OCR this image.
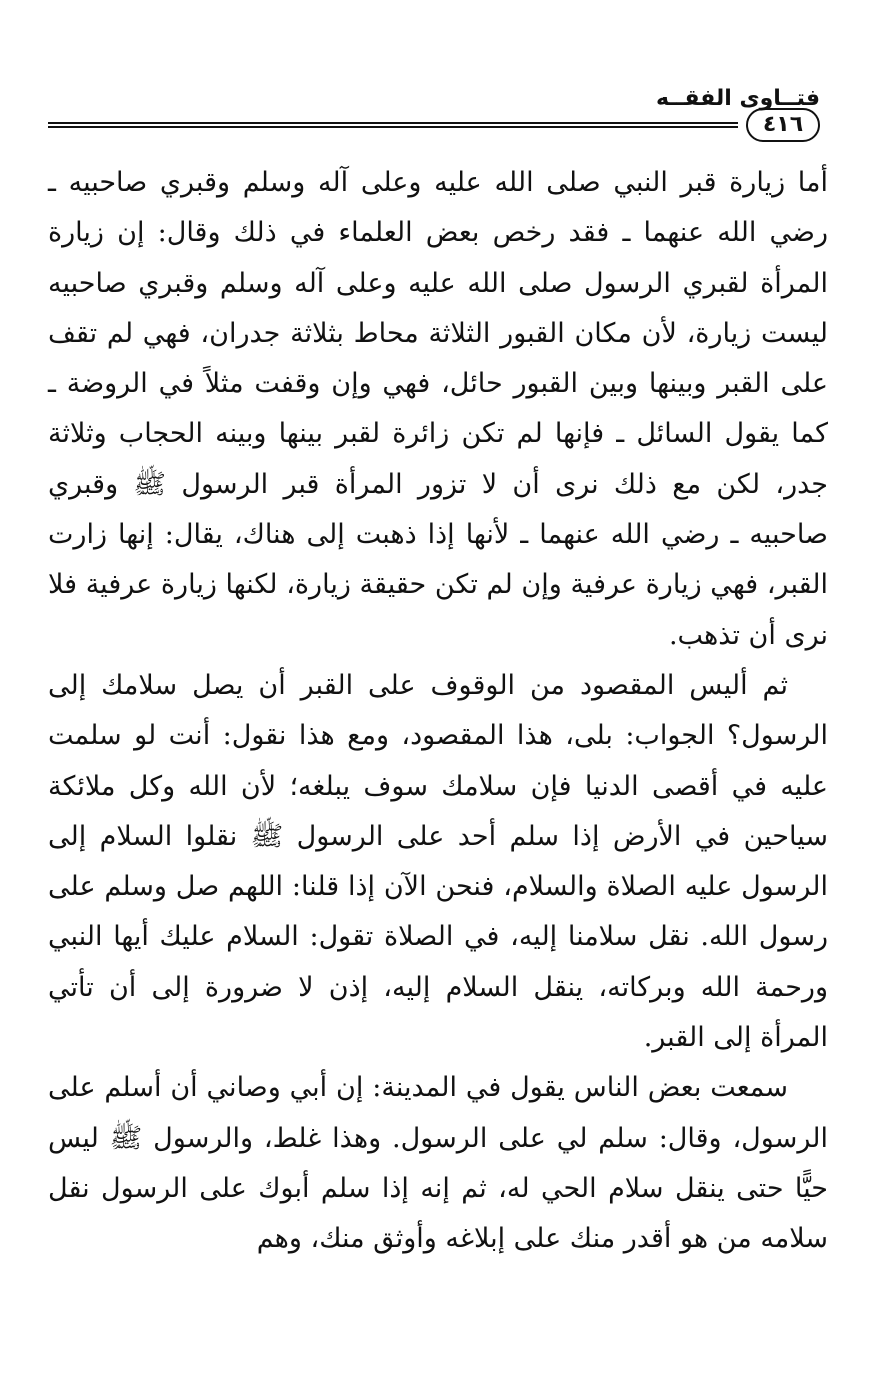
فتــاوى الفقــه
٤١٦

أما زيارة قبر النبي صلى الله عليه وعلى آله وسلم وقبري صاحبيه ـ رضي الله عنهما ـ فقد رخص بعض العلماء في ذلك وقال: إن زيارة المرأة لقبري الرسول صلى الله عليه وعلى آله وسلم وقبري صاحبيه ليست زيارة، لأن مكان القبور الثلاثة محاط بثلاثة جدران، فهي لم تقف على القبر وبينها وبين القبور حائل، فهي وإن وقفت مثلاً في الروضة ـ كما يقول السائل ـ فإنها لم تكن زائرة لقبر بينها وبينه الحجاب وثلاثة جدر، لكن مع ذلك نرى أن لا تزور المرأة قبر الرسول ﷺ وقبري صاحبيه ـ رضي الله عنهما ـ لأنها إذا ذهبت إلى هناك، يقال: إنها زارت القبر، فهي زيارة عرفية وإن لم تكن حقيقة زيارة، لكنها زيارة عرفية فلا نرى أن تذهب.

ثم أليس المقصود من الوقوف على القبر أن يصل سلامك إلى الرسول؟ الجواب: بلى، هذا المقصود، ومع هذا نقول: أنت لو سلمت عليه في أقصى الدنيا فإن سلامك سوف يبلغه؛ لأن الله وكل ملائكة سياحين في الأرض إذا سلم أحد على الرسول ﷺ نقلوا السلام إلى الرسول عليه الصلاة والسلام، فنحن الآن إذا قلنا: اللهم صل وسلم على رسول الله. نقل سلامنا إليه، في الصلاة تقول: السلام عليك أيها النبي ورحمة الله وبركاته، ينقل السلام إليه، إذن لا ضرورة إلى أن تأتي المرأة إلى القبر.

سمعت بعض الناس يقول في المدينة: إن أبي وصاني أن أسلم على الرسول، وقال: سلم لي على الرسول. وهذا غلط، والرسول ﷺ ليس حيًّا حتى ينقل سلام الحي له، ثم إنه إذا سلم أبوك على الرسول نقل سلامه من هو أقدر منك على إبلاغه وأوثق منك، وهم
